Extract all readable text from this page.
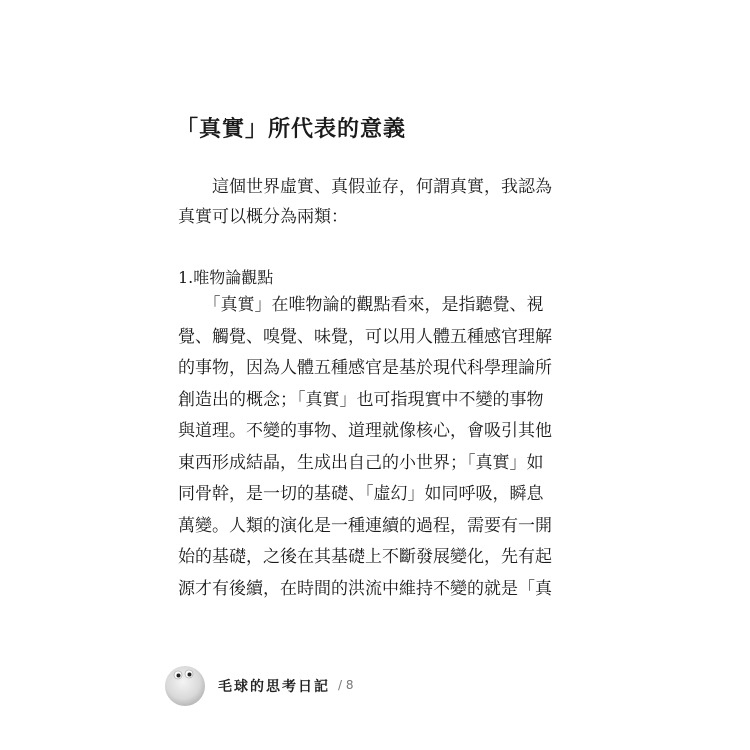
「真實」所代表的意義
　　這個世界虛實、真假並存，何謂真實，我認為
真實可以概分為兩類：
1.唯物論觀點
　　「真實」在唯物論的觀點看來，是指聽覺、視
覺、觸覺、嗅覺、味覺，可以用人體五種感官理解
的事物，因為人體五種感官是基於現代科學理論所
創造出的概念；「真實」也可指現實中不變的事物
與道理。不變的事物、道理就像核心，會吸引其他
東西形成結晶，生成出自己的小世界；「真實」如
同骨幹，是一切的基礎、「虛幻」如同呼吸，瞬息
萬變。人類的演化是一種連續的過程，需要有一開
始的基礎，之後在其基礎上不斷發展變化，先有起
源才有後續，在時間的洪流中維持不變的就是「真
毛球的思考日記 / 8
